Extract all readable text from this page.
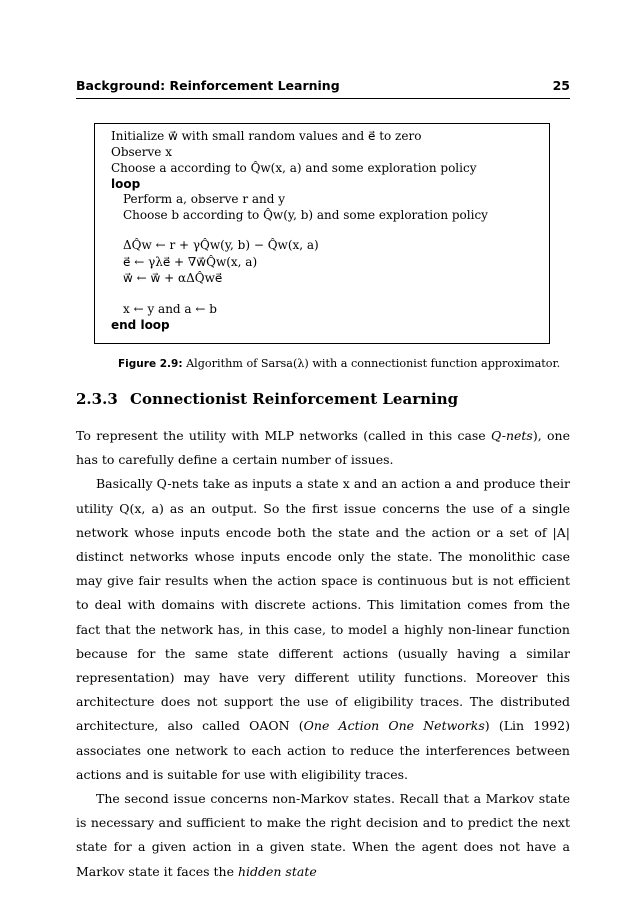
Background: Reinforcement Learning	25
Initialize w⃗ with small random values and e⃗ to zero
Observe x
Choose a according to Q̂w(x, a) and some exploration policy
loop
Perform a, observe r and y
Choose b according to Q̂w(y, b) and some exploration policy
ΔQ̂w ← r + γQ̂w(y, b) − Q̂w(x, a)
e⃗ ← γλe⃗ + ∇w⃗Q̂w(x, a)
w⃗ ← w⃗ + αΔQ̂we⃗
x ← y and a ← b
end loop
Figure 2.9: Algorithm of Sarsa(λ) with a connectionist function approximator.
2.3.3 Connectionist Reinforcement Learning

To represent the utility with MLP networks (called in this case Q-nets), one has to carefully define a certain number of issues.

Basically Q-nets take as inputs a state x and an action a and produce their utility Q(x, a) as an output. So the first issue concerns the use of a single network whose inputs encode both the state and the action or a set of |A| distinct networks whose inputs encode only the state. The monolithic case may give fair results when the action space is continuous but is not efficient to deal with domains with discrete actions. This limitation comes from the fact that the network has, in this case, to model a highly non-linear function because for the same state different actions (usually having a similar representation) may have very different utility functions. Moreover this architecture does not support the use of eligibility traces. The distributed architecture, also called OAON (One Action One Networks) (Lin 1992) associates one network to each action to reduce the interferences between actions and is suitable for use with eligibility traces.

The second issue concerns non-Markov states. Recall that a Markov state is necessary and sufficient to make the right decision and to predict the next state for a given action in a given state. When the agent does not have a Markov state it faces the hidden state
